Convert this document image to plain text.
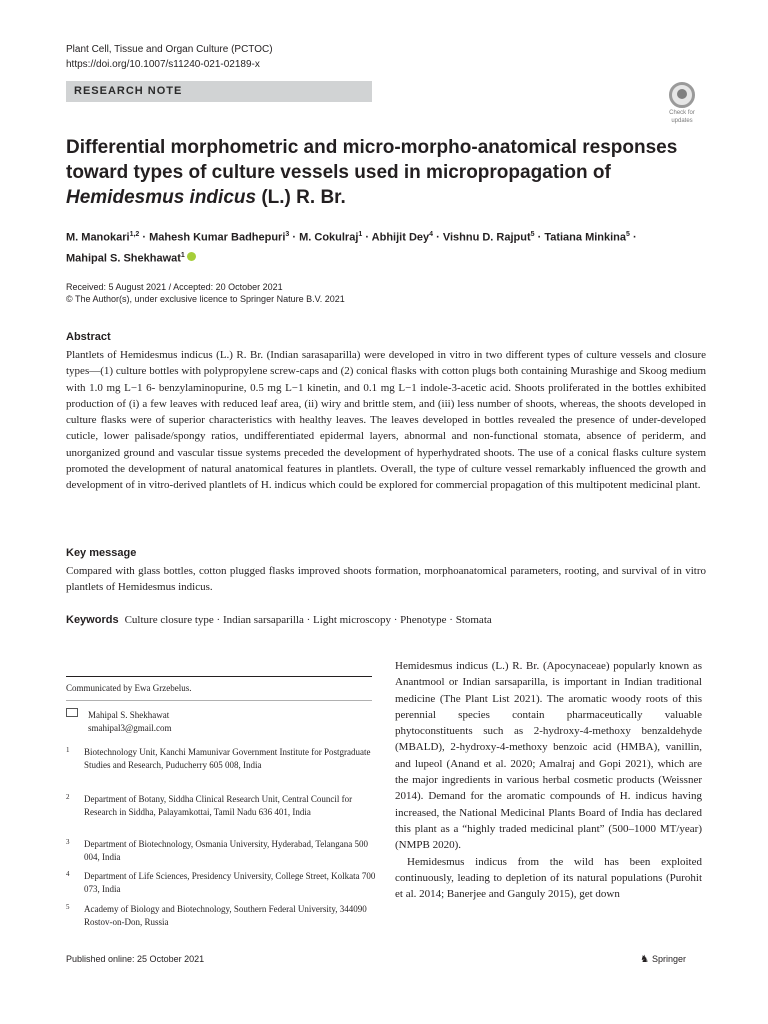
Plant Cell, Tissue and Organ Culture (PCTOC)
https://doi.org/10.1007/s11240-021-02189-x
RESEARCH NOTE
Check for
updates
Differential morphometric and micro-morpho-anatomical responses toward types of culture vessels used in micropropagation of Hemidesmus indicus (L.) R. Br.
M. Manokari$^{1,2}$ · Mahesh Kumar Badhepuri$^3$ · M. Cokulraj$^1$ · Abhijit Dey$^4$ · Vishnu D. Rajput$^5$ · Tatiana Minkina$^5$ ·
Mahipal S. Shekhawat$^1$
Received: 5 August 2021 / Accepted: 20 October 2021
© The Author(s), under exclusive licence to Springer Nature B.V. 2021
Abstract
Plantlets of Hemidesmus indicus (L.) R. Br. (Indian sarasaparilla) were developed in vitro in two different types of culture vessels and closure types—(1) culture bottles with polypropylene screw-caps and (2) conical flasks with cotton plugs both containing Murashige and Skoog medium with 1.0 mg L−1 6- benzylaminopurine, 0.5 mg L−1 kinetin, and 0.1 mg L−1 indole-3-acetic acid. Shoots proliferated in the bottles exhibited production of (i) a few leaves with reduced leaf area, (ii) wiry and brittle stem, and (iii) less number of shoots, whereas, the shoots developed in culture flasks were of superior characteristics with healthy leaves. The leaves developed in bottles revealed the presence of under-developed cuticle, lower palisade/spongy ratios, undifferentiated epidermal layers, abnormal and non-functional stomata, absence of periderm, and unorganized ground and vascular tissue systems preceded the development of hyperhydrated shoots. The use of a conical flasks culture system promoted the development of natural anatomical features in plantlets. Overall, the type of culture vessel remarkably influenced the growth and development of in vitro-derived plantlets of H. indicus which could be explored for commercial propagation of this multipotent medicinal plant.
Key message
Compared with glass bottles, cotton plugged flasks improved shoots formation, morphoanatomical parameters, rooting, and survival of in vitro plantlets of Hemidesmus indicus.
Keywords Culture closure type · Indian sarsaparilla · Light microscopy · Phenotype · Stomata
Communicated by Ewa Grzebelus.
Mahipal S. Shekhawat
smahipal3@gmail.com
1 Biotechnology Unit, Kanchi Mamunivar Government Institute for Postgraduate Studies and Research, Puducherry 605 008, India
2 Department of Botany, Siddha Clinical Research Unit, Central Council for Research in Siddha, Palayamkottai, Tamil Nadu 636 401, India
3 Department of Biotechnology, Osmania University, Hyderabad, Telangana 500 004, India
4 Department of Life Sciences, Presidency University, College Street, Kolkata 700 073, India
5 Academy of Biology and Biotechnology, Southern Federal University, 344090 Rostov-on-Don, Russia
Hemidesmus indicus (L.) R. Br. (Apocynaceae) popularly known as Anantmool or Indian sarsaparilla, is important in Indian traditional medicine (The Plant List 2021). The aromatic woody roots of this perennial species contain pharmaceutically valuable phytoconstituents such as 2-hydroxy-4-methoxy benzaldehyde (MBALD), 2-hydroxy-4-methoxy benzoic acid (HMBA), vanillin, and lupeol (Anand et al. 2020; Amalraj and Gopi 2021), which are the major ingredients in various herbal cosmetic products (Weissner 2014). Demand for the aromatic compounds of H. indicus having increased, the National Medicinal Plants Board of India has declared this plant as a “highly traded medicinal plant” (500–1000 MT/year) (NMPB 2020).
Hemidesmus indicus from the wild has been exploited continuously, leading to depletion of its natural populations (Purohit et al. 2014; Banerjee and Ganguly 2015), get down
Published online: 25 October 2021	♞ Springer
